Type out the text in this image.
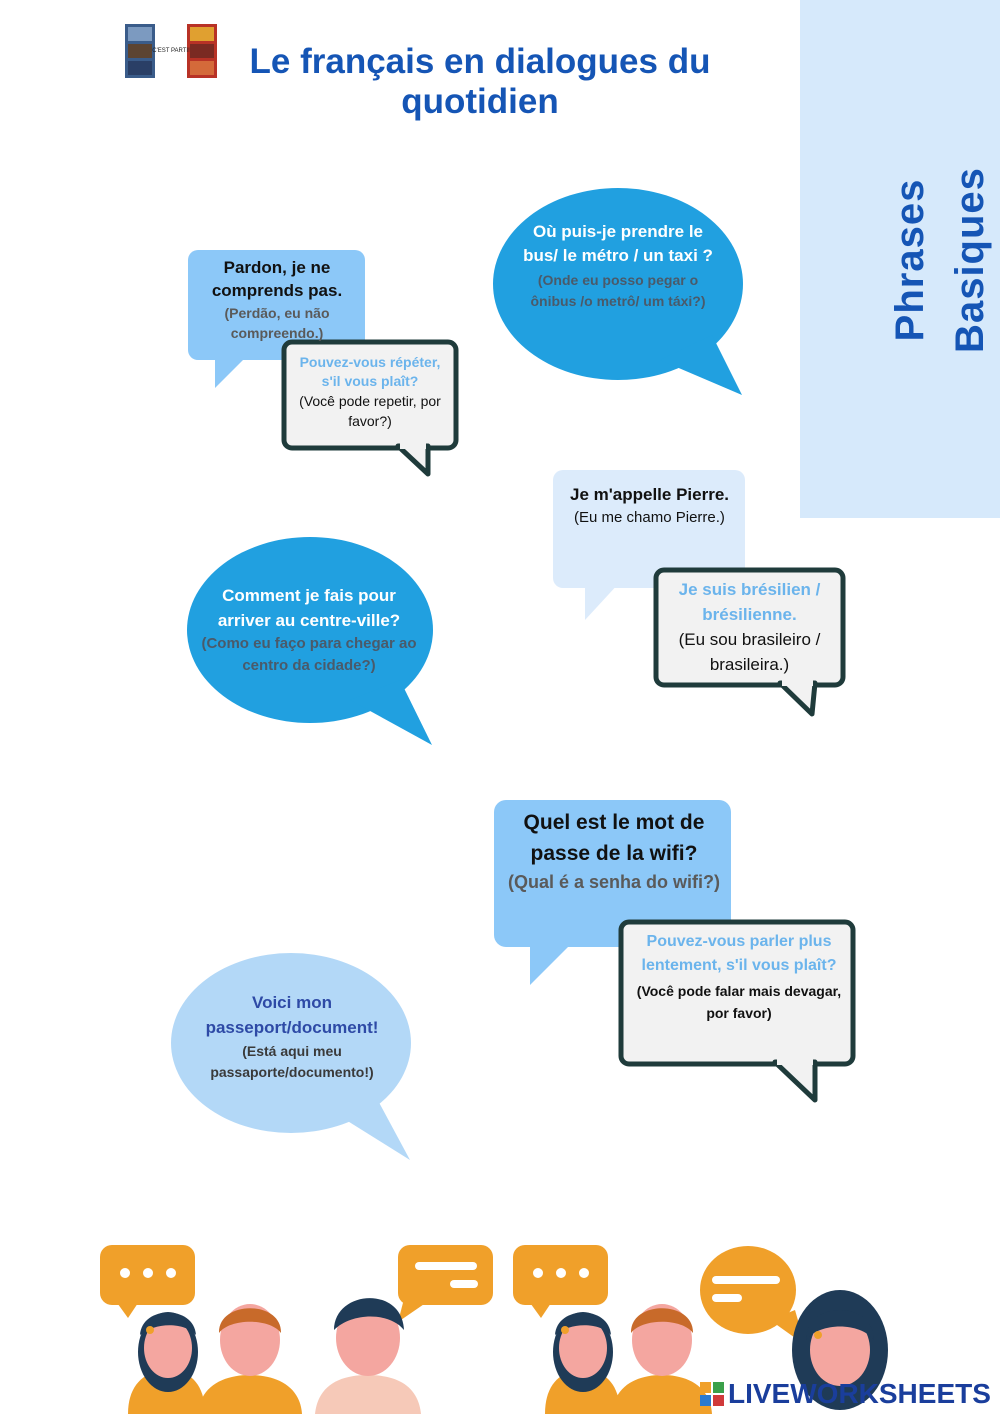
Phrases Basiques
C'EST PARTI!	Le français en dialogues du quotidien
Pardon, je ne comprends pas.
(Perdão, eu não compreendo.)
Pouvez-vous répéter, s'il vous plaît?
(Você pode repetir, por favor?)
Où puis-je prendre le bus/ le métro / un taxi ?
(Onde eu posso pegar o ônibus /o metrô/ um táxi?)
Je m'appelle Pierre.
(Eu me chamo Pierre.)
Je suis brésilien / brésilienne.
(Eu sou brasileiro / brasileira.)
Comment je fais pour arriver au centre-ville?
(Como eu faço para chegar ao centro da cidade?)
Quel est le mot de passe de la wifi?
(Qual é a senha do wifi?)
Pouvez-vous parler plus lentement, s'il vous plaît?
(Você pode falar mais devagar, por favor)
Voici mon passeport/document!
(Está aqui meu passaporte/documento!)
LIVEWORKSHEETS
